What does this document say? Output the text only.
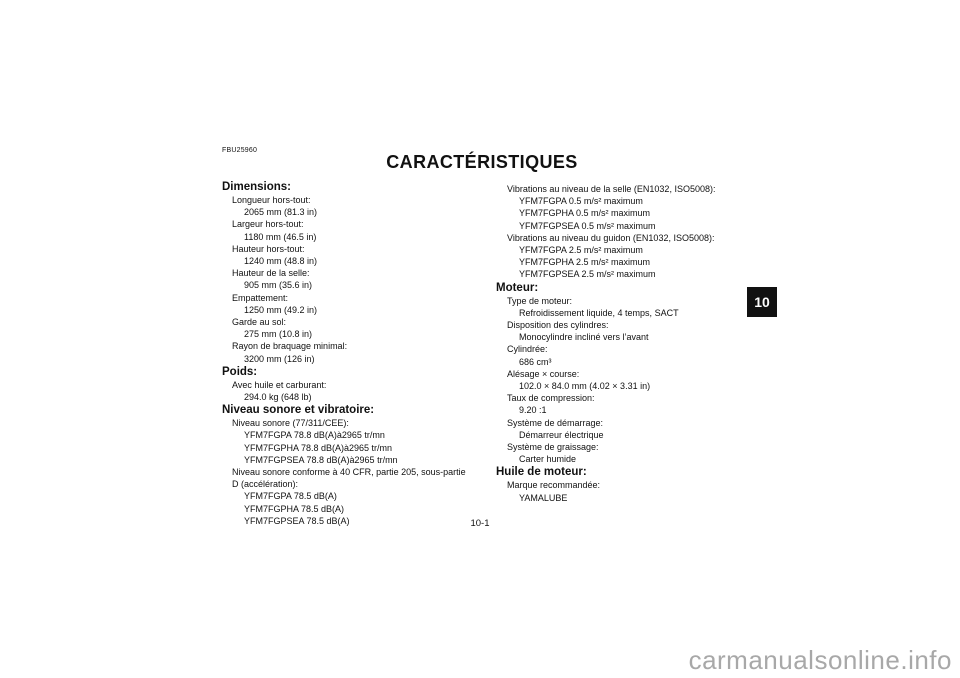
FBU25960
CARACTÉRISTIQUES
Dimensions:
Longueur hors-tout:
2065 mm (81.3 in)
Largeur hors-tout:
1180 mm (46.5 in)
Hauteur hors-tout:
1240 mm (48.8 in)
Hauteur de la selle:
905 mm (35.6 in)
Empattement:
1250 mm (49.2 in)
Garde au sol:
275 mm (10.8 in)
Rayon de braquage minimal:
3200 mm (126 in)
Poids:
Avec huile et carburant:
294.0 kg (648 lb)
Niveau sonore et vibratoire:
Niveau sonore (77/311/CEE):
YFM7FGPA 78.8 dB(A)à2965 tr/mn
YFM7FGPHA 78.8 dB(A)à2965 tr/mn
YFM7FGPSEA 78.8 dB(A)à2965 tr/mn
Niveau sonore conforme à 40 CFR, partie 205, sous-partie D (accélération):
YFM7FGPA 78.5 dB(A)
YFM7FGPHA 78.5 dB(A)
YFM7FGPSEA 78.5 dB(A)
Vibrations au niveau de la selle (EN1032, ISO5008):
YFM7FGPA 0.5 m/s² maximum
YFM7FGPHA 0.5 m/s² maximum
YFM7FGPSEA 0.5 m/s² maximum
Vibrations au niveau du guidon (EN1032, ISO5008):
YFM7FGPA 2.5 m/s² maximum
YFM7FGPHA 2.5 m/s² maximum
YFM7FGPSEA 2.5 m/s² maximum
Moteur:
Type de moteur:
Refroidissement liquide, 4 temps, SACT
Disposition des cylindres:
Monocylindre incliné vers l’avant
Cylindrée:
686 cm³
Alésage × course:
102.0 × 84.0 mm (4.02 × 3.31 in)
Taux de compression:
9.20 :1
Système de démarrage:
Démarreur électrique
Système de graissage:
Carter humide
Huile de moteur:
Marque recommandée:
YAMALUBE
10
10-1
carmanualsonline.info
